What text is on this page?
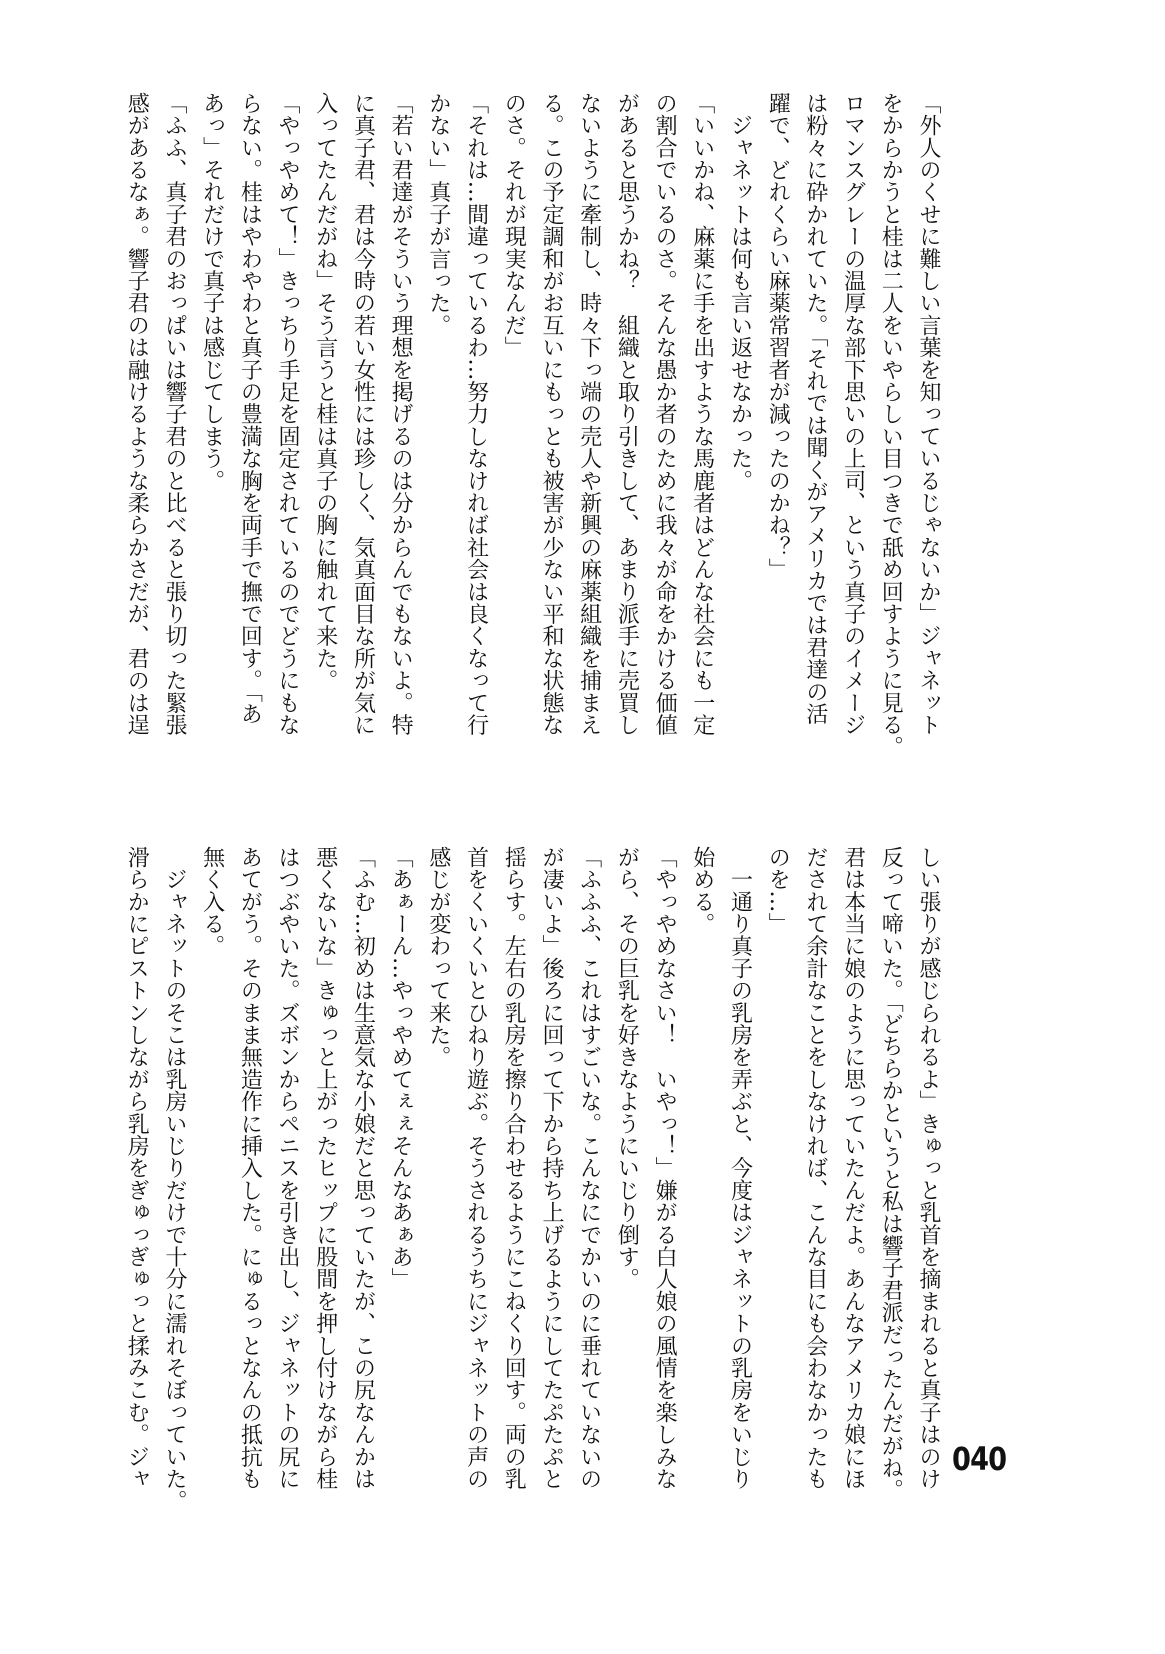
「外人のくせに難しい言葉を知っているじゃないか」ジャネット
をからかうと桂は二人をいやらしい目つきで舐め回すように見る。
ロマンスグレーの温厚な部下思いの上司、という真子のイメージ
は粉々に砕かれていた。「それでは聞くがアメリカでは君達の活
躍で、どれくらい麻薬常習者が減ったのかね？」
　ジャネットは何も言い返せなかった。
「いいかね、麻薬に手を出すような馬鹿者はどんな社会にも一定
の割合でいるのさ。そんな愚か者のために我々が命をかける価値
があると思うかね？　組織と取り引きして、あまり派手に売買し
ないように牽制し、時々下っ端の売人や新興の麻薬組織を捕まえ
る。この予定調和がお互いにもっとも被害が少ない平和な状態な
のさ。それが現実なんだ」
「それは…間違っているわ…努力しなければ社会は良くなって行
かない」真子が言った。
「若い君達がそういう理想を掲げるのは分からんでもないよ。特
に真子君、君は今時の若い女性には珍しく、気真面目な所が気に
入ってたんだがね」そう言うと桂は真子の胸に触れて来た。
「やっやめて！」きっちり手足を固定されているのでどうにもな
らない。桂はやわやわと真子の豊満な胸を両手で撫で回す。「あ
あっ」それだけで真子は感じてしまう。
「ふふ、真子君のおっぱいは響子君のと比べると張り切った緊張
感があるなぁ。響子君のは融けるような柔らかさだが、君のは逞
しい張りが感じられるよ」きゅっと乳首を摘まれると真子はのけ
反って啼いた。「どちらかというと私は響子君派だったんだがね。
君は本当に娘のように思っていたんだよ。あんなアメリカ娘にほ
だされて余計なことをしなければ、こんな目にも会わなかったも
のを…」
　一通り真子の乳房を弄ぶと、今度はジャネットの乳房をいじり
始める。
「やっやめなさい！　いやっ！」嫌がる白人娘の風情を楽しみな
がら、その巨乳を好きなようにいじり倒す。
「ふふふ、これはすごいな。こんなにでかいのに垂れていないの
が凄いよ」後ろに回って下から持ち上げるようにしてたぷたぷと
揺らす。左右の乳房を擦り合わせるようにこねくり回す。両の乳
首をくいくいとひねり遊ぶ。そうされるうちにジャネットの声の
感じが変わって来た。
「あぁーん…やっやめてぇぇそんなあぁあ」
「ふむ…初めは生意気な小娘だと思っていたが、この尻なんかは
悪くないな」きゅっと上がったヒップに股間を押し付けながら桂
はつぶやいた。ズボンからペニスを引き出し、ジャネットの尻に
あてがう。そのまま無造作に挿入した。にゅるっとなんの抵抗も
無く入る。
　ジャネットのそこは乳房いじりだけで十分に濡れそぼっていた。
滑らかにピストンしながら乳房をぎゅっぎゅっと揉みこむ。ジャ	040
